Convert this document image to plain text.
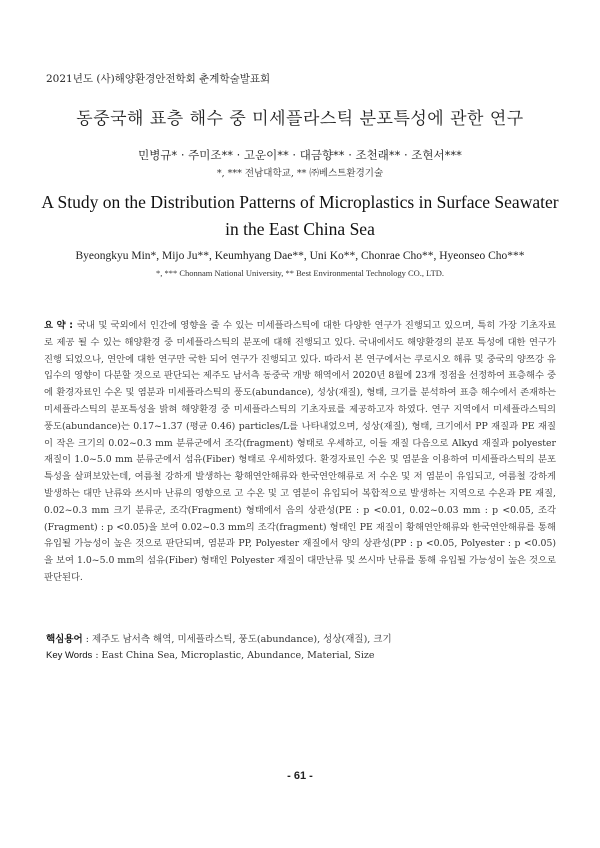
2021년도 (사)해양환경안전학회 춘계학술발표회
동중국해 표층 해수 중 미세플라스틱 분포특성에 관한 연구
민병규* · 주미조** · 고운이** · 대금향** · 조천래** · 조현서***
*, *** 전남대학교, ** ㈜베스트환경기술
A Study on the Distribution Patterns of Microplastics in Surface Seawater in the East China Sea
Byeongkyu Min*, Mijo Ju**, Keumhyang Dae**, Uni Ko**, Chonrae Cho**, Hyeonseo Cho***
*, *** Chonnam National University, ** Best Environmental Technology CO., LTD.
요 약 : 국내 및 국외에서 인간에 영향을 줄 수 있는 미세플라스틱에 대한 다양한 연구가 진행되고 있으며, 특히 가장 기초자료로 제공 될 수 있는 해양환경 중 미세플라스틱의 분포에 대해 진행되고 있다. 국내에서도 해양환경의 분포 특성에 대한 연구가 진행 되었으나, 연안에 대한 연구만 국한 되어 연구가 진행되고 있다. 따라서 본 연구에서는 쿠로시오 해류 및 중국의 양쯔강 유입수의 영향이 다분할 것으로 판단되는 제주도 남서측 동중국 개방 해역에서 2020년 8월에 23개 정점을 선정하여 표층해수 중에 환경자료인 수온 및 염분과 미세플라스틱의 풍도(abundance), 성상(재질), 형태, 크기를 분석하여 표층 해수에서 존재하는 미세플라스틱의 분포특성을 밝혀 해양환경 중 미세플라스틱의 기초자료를 제공하고자 하였다. 연구 지역에서 미세플라스틱의 풍도(abundance)는 0.17~1.37 (평균 0.46) particles/L를 나타내었으며, 성상(재질), 형태, 크기에서 PP 재질과 PE 재질이 작은 크기의 0.02~0.3 mm 분류군에서 조각(fragment) 형태로 우세하고, 이들 재질 다음으로 Alkyd 재질과 polyester 재질이 1.0~5.0 mm 분류군에서 섬유(Fiber) 형태로 우세하였다. 환경자료인 수온 및 염분을 이용하여 미세플라스틱의 분포 특성을 살펴보았는데, 여름철 강하게 발생하는 황해연안해류와 한국연안해류로 저 수온 및 저 염분이 유입되고, 여름철 강하게 발생하는 대만 난류와 쓰시마 난류의 영향으로 고 수온 및 고 염분이 유입되어 복합적으로 발생하는 지역으로 수온과 PE 재질, 0.02~0.3 mm 크기 분류군, 조각(Fragment) 형태에서 음의 상관성(PE : p <0.01, 0.02~0.03 mm : p <0.05, 조각(Fragment) : p <0.05)을 보여 0.02~0.3 mm의 조각(fragment) 형태인 PE 재질이 황해연안해류와 한국연안해류를 통해 유입될 가능성이 높은 것으로 판단되며, 염분과 PP, Polyester 재질에서 양의 상관성(PP : p <0.05, Polyester : p <0.05)을 보여 1.0~5.0 mm의 섬유(Fiber) 형태인 Polyester 재질이 대만난류 및 쓰시마 난류를 통해 유입될 가능성이 높은 것으로 판단된다.
핵심용어 : 제주도 남서측 해역, 미세플라스틱, 풍도(abundance), 성상(재질), 크기
Key Words : East China Sea, Microplastic, Abundance, Material, Size
- 61 -
